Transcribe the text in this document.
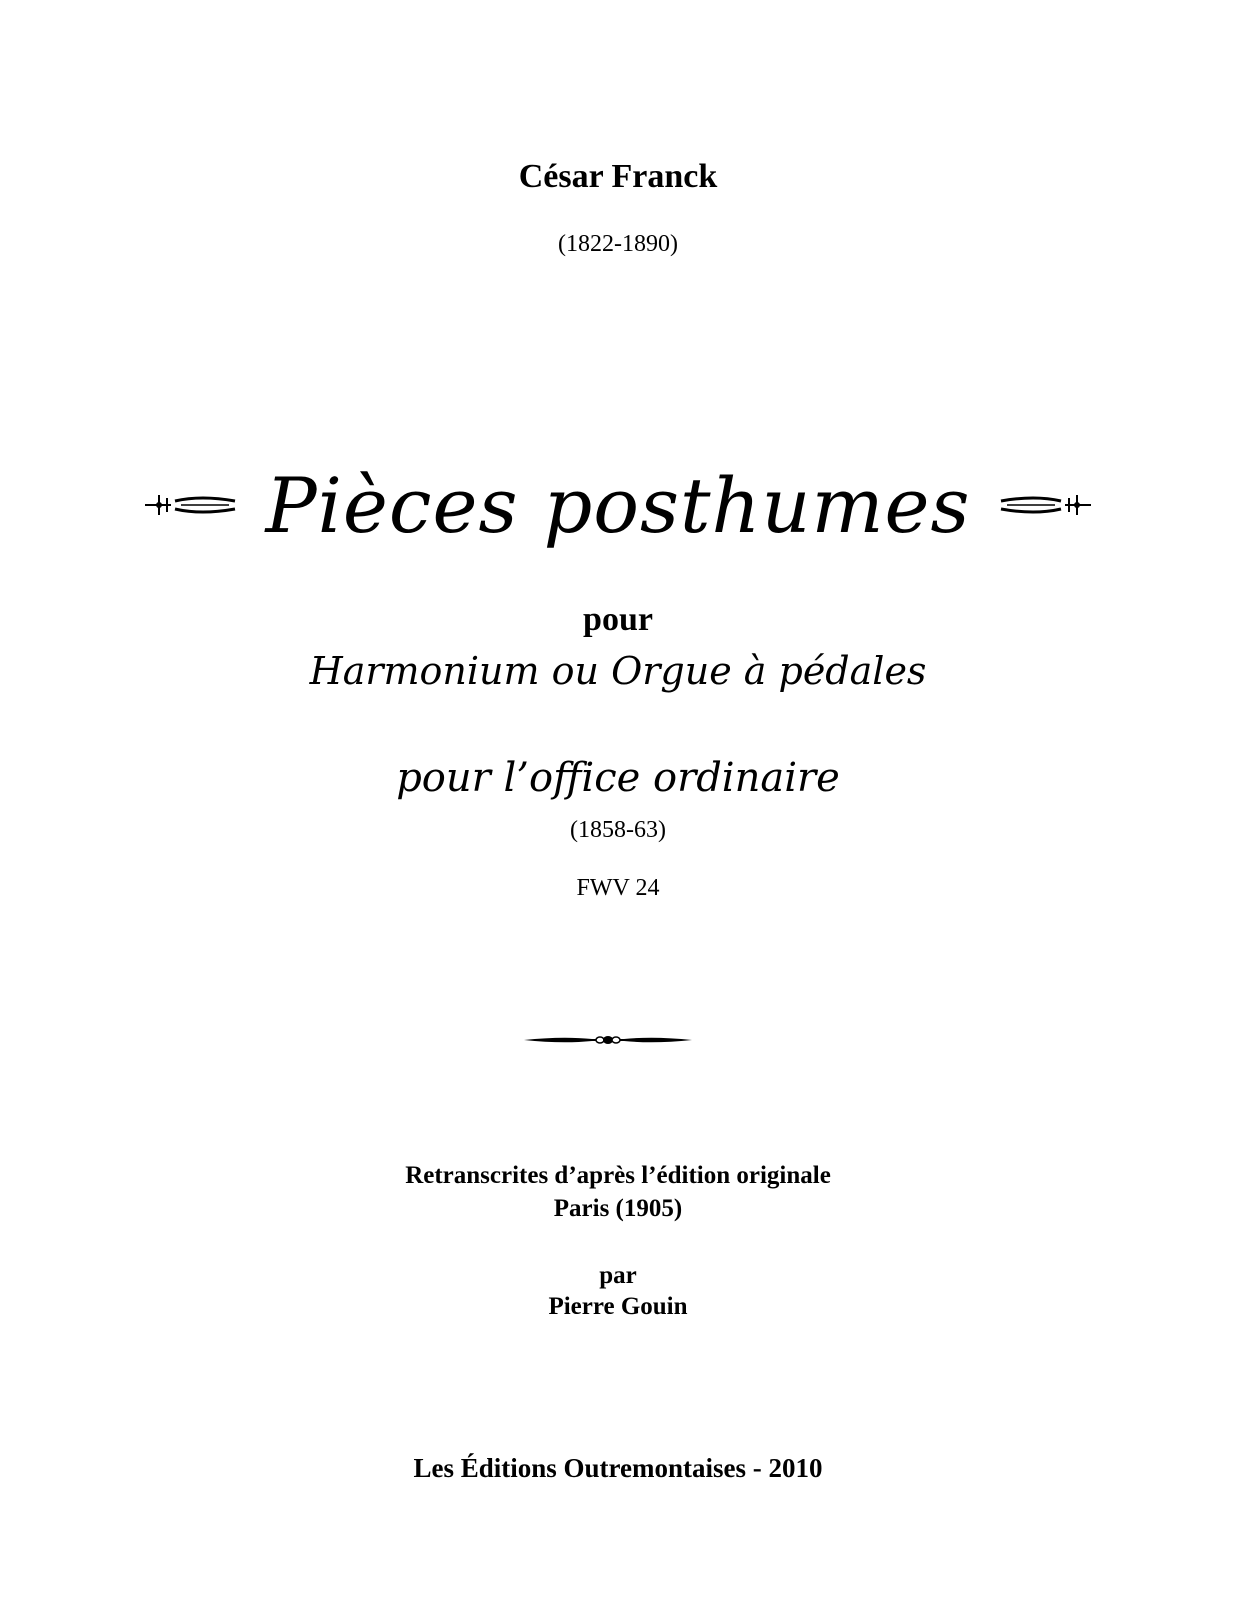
César Franck
(1822-1890)
Pièces posthumes
pour
Harmonium ou Orgue à pédales
pour l’office ordinaire
(1858-63)
FWV 24
Retranscrites d’après l’édition originale
Paris (1905)
par
Pierre Gouin
Les Éditions Outremontaises - 2010
